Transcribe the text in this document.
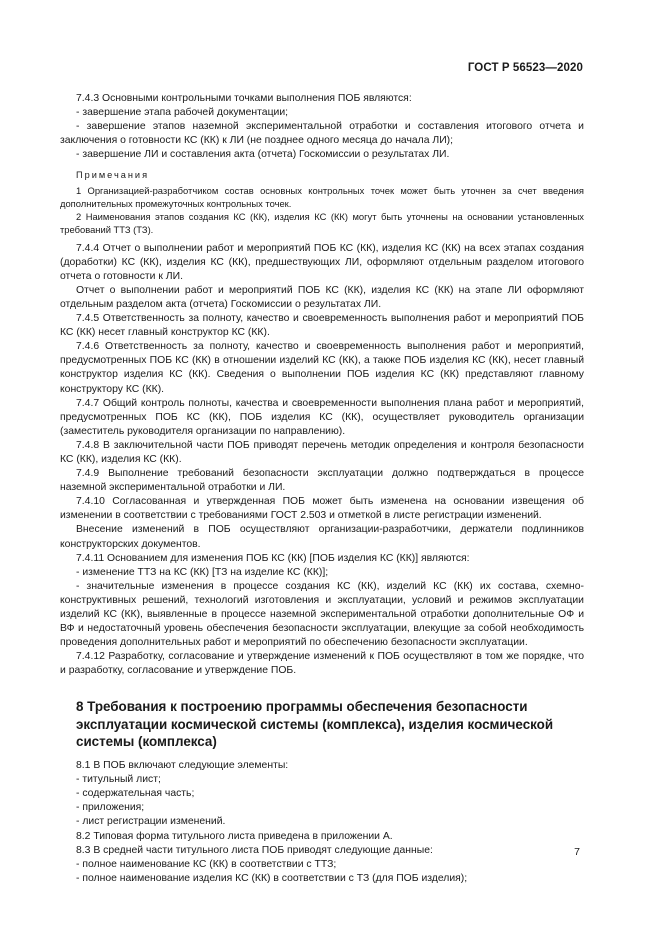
ГОСТ Р 56523—2020

7.4.3 Основными контрольными точками выполнения ПОБ являются:

- завершение этапа рабочей документации;

- завершение этапов наземной экспериментальной отработки и составления итогового отчета и заключения о готовности КС (КК) к ЛИ (не позднее одного месяца до начала ЛИ);

- завершение ЛИ и составления акта (отчета) Госкомиссии о результатах ЛИ.

Примечания

1 Организацией-разработчиком состав основных контрольных точек может быть уточнен за счет введения дополнительных промежуточных контрольных точек.

2 Наименования этапов создания КС (КК), изделия КС (КК) могут быть уточнены на основании установленных требований ТТЗ (ТЗ).

7.4.4 Отчет о выполнении работ и мероприятий ПОБ КС (КК), изделия КС (КК) на всех этапах создания (доработки) КС (КК), изделия КС (КК), предшествующих ЛИ, оформляют отдельным разделом итогового отчета о готовности к ЛИ.

Отчет о выполнении работ и мероприятий ПОБ КС (КК), изделия КС (КК) на этапе ЛИ оформляют отдельным разделом акта (отчета) Госкомиссии о результатах ЛИ.

7.4.5 Ответственность за полноту, качество и своевременность выполнения работ и мероприятий ПОБ КС (КК) несет главный конструктор КС (КК).

7.4.6 Ответственность за полноту, качество и своевременность выполнения работ и мероприятий, предусмотренных ПОБ КС (КК) в отношении изделий КС (КК), а также ПОБ изделия КС (КК), несет главный конструктор изделия КС (КК). Сведения о выполнении ПОБ изделия КС (КК) представляют главному конструктору КС (КК).

7.4.7 Общий контроль полноты, качества и своевременности выполнения плана работ и мероприятий, предусмотренных ПОБ КС (КК), ПОБ изделия КС (КК), осуществляет руководитель организации (заместитель руководителя организации по направлению).

7.4.8 В заключительной части ПОБ приводят перечень методик определения и контроля безопасности КС (КК), изделия КС (КК).

7.4.9 Выполнение требований безопасности эксплуатации должно подтверждаться в процессе наземной экспериментальной отработки и ЛИ.

7.4.10 Согласованная и утвержденная ПОБ может быть изменена на основании извещения об изменении в соответствии с требованиями ГОСТ 2.503 и отметкой в листе регистрации изменений.

Внесение изменений в ПОБ осуществляют организации-разработчики, держатели подлинников конструкторских документов.

7.4.11 Основанием для изменения ПОБ КС (КК) [ПОБ изделия КС (КК)] являются:

- изменение ТТЗ на КС (КК) [ТЗ на изделие КС (КК)];

- значительные изменения в процессе создания КС (КК), изделий КС (КК) их состава, схемно-конструктивных решений, технологий изготовления и эксплуатации, условий и режимов эксплуатации изделий КС (КК), выявленные в процессе наземной экспериментальной отработки дополнительные ОФ и ВФ и недостаточный уровень обеспечения безопасности эксплуатации, влекущие за собой необходимость проведения дополнительных работ и мероприятий по обеспечению безопасности эксплуатации.

7.4.12 Разработку, согласование и утверждение изменений к ПОБ осуществляют в том же порядке, что и разработку, согласование и утверждение ПОБ.

8 Требования к построению программы обеспечения безопасности эксплуатации космической системы (комплекса), изделия космической системы (комплекса)

8.1 В ПОБ включают следующие элементы:

- титульный лист;

- содержательная часть;

- приложения;

- лист регистрации изменений.

8.2 Типовая форма титульного листа приведена в приложении А.

8.3 В средней части титульного листа ПОБ приводят следующие данные:

- полное наименование КС (КК) в соответствии с ТТЗ;

- полное наименование изделия КС (КК) в соответствии с ТЗ (для ПОБ изделия);

7
